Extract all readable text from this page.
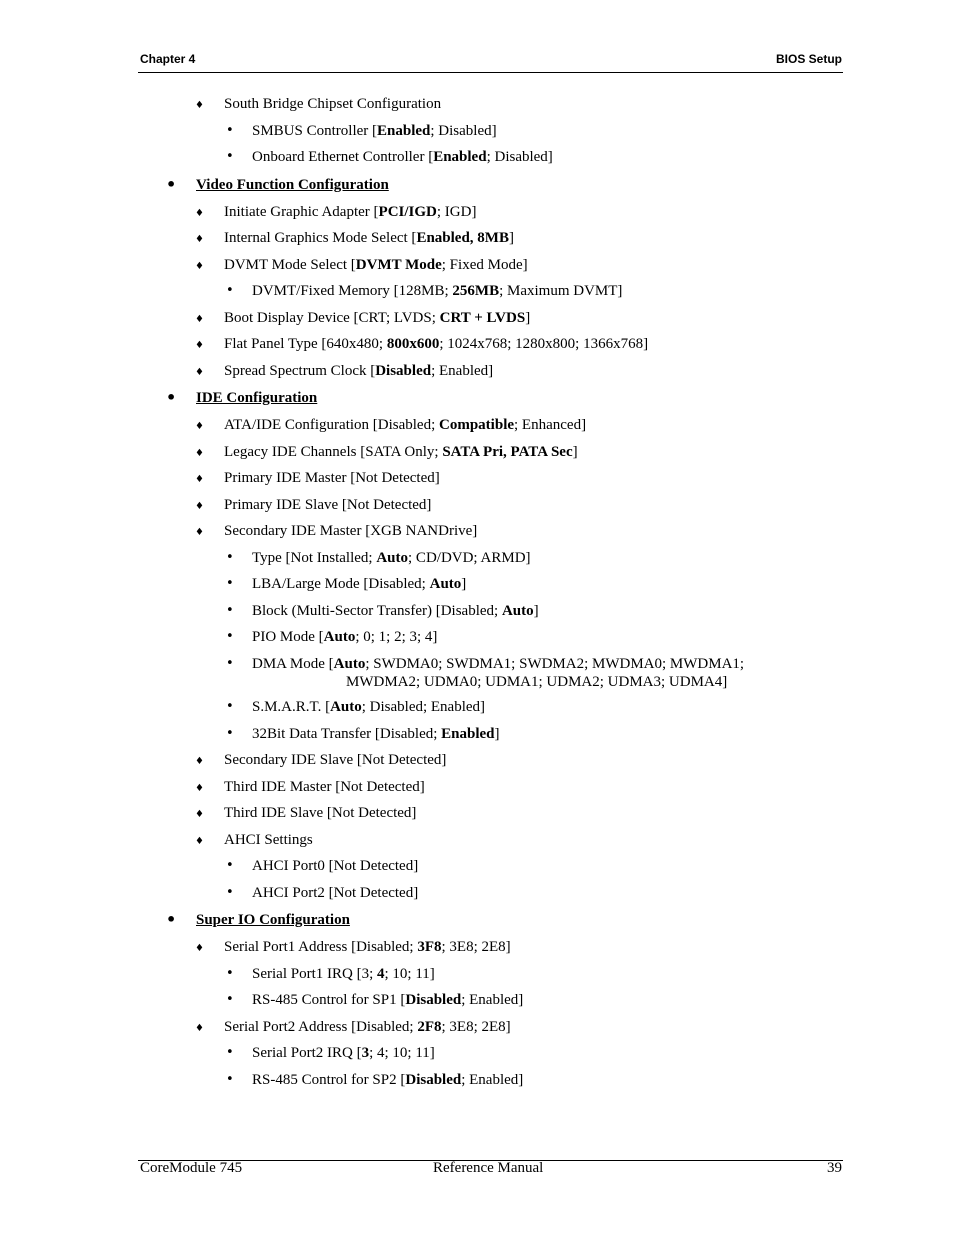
Chapter 4	BIOS Setup
♦ South Bridge Chipset Configuration
• SMBUS Controller [Enabled; Disabled]
• Onboard Ethernet Controller [Enabled; Disabled]
• Video Function Configuration
♦ Initiate Graphic Adapter [PCI/IGD; IGD]
♦ Internal Graphics Mode Select [Enabled, 8MB]
♦ DVMT Mode Select [DVMT Mode; Fixed Mode]
• DVMT/Fixed Memory [128MB; 256MB; Maximum DVMT]
♦ Boot Display Device [CRT; LVDS; CRT + LVDS]
♦ Flat Panel Type [640x480; 800x600; 1024x768; 1280x800; 1366x768]
♦ Spread Spectrum Clock [Disabled; Enabled]
• IDE Configuration
♦ ATA/IDE Configuration [Disabled; Compatible; Enhanced]
♦ Legacy IDE Channels [SATA Only; SATA Pri, PATA Sec]
♦ Primary IDE Master [Not Detected]
♦ Primary IDE Slave [Not Detected]
♦ Secondary IDE Master [XGB NANDrive]
• Type [Not Installed; Auto; CD/DVD; ARMD]
• LBA/Large Mode [Disabled; Auto]
• Block (Multi-Sector Transfer) [Disabled; Auto]
• PIO Mode [Auto; 0; 1; 2; 3; 4]
• DMA Mode [Auto; SWDMA0; SWDMA1; SWDMA2; MWDMA0; MWDMA1;
MWDMA2; UDMA0; UDMA1; UDMA2; UDMA3; UDMA4]
• S.M.A.R.T. [Auto; Disabled; Enabled]
• 32Bit Data Transfer [Disabled; Enabled]
♦ Secondary IDE Slave [Not Detected]
♦ Third IDE Master [Not Detected]
♦ Third IDE Slave [Not Detected]
♦ AHCI Settings
• AHCI Port0 [Not Detected]
• AHCI Port2 [Not Detected]
• Super IO Configuration
♦ Serial Port1 Address [Disabled; 3F8; 3E8; 2E8]
• Serial Port1 IRQ [3; 4; 10; 11]
• RS-485 Control for SP1 [Disabled; Enabled]
♦ Serial Port2 Address [Disabled; 2F8; 3E8; 2E8]
• Serial Port2 IRQ [3; 4; 10; 11]
• RS-485 Control for SP2 [Disabled; Enabled]
CoreModule 745	Reference Manual	39
